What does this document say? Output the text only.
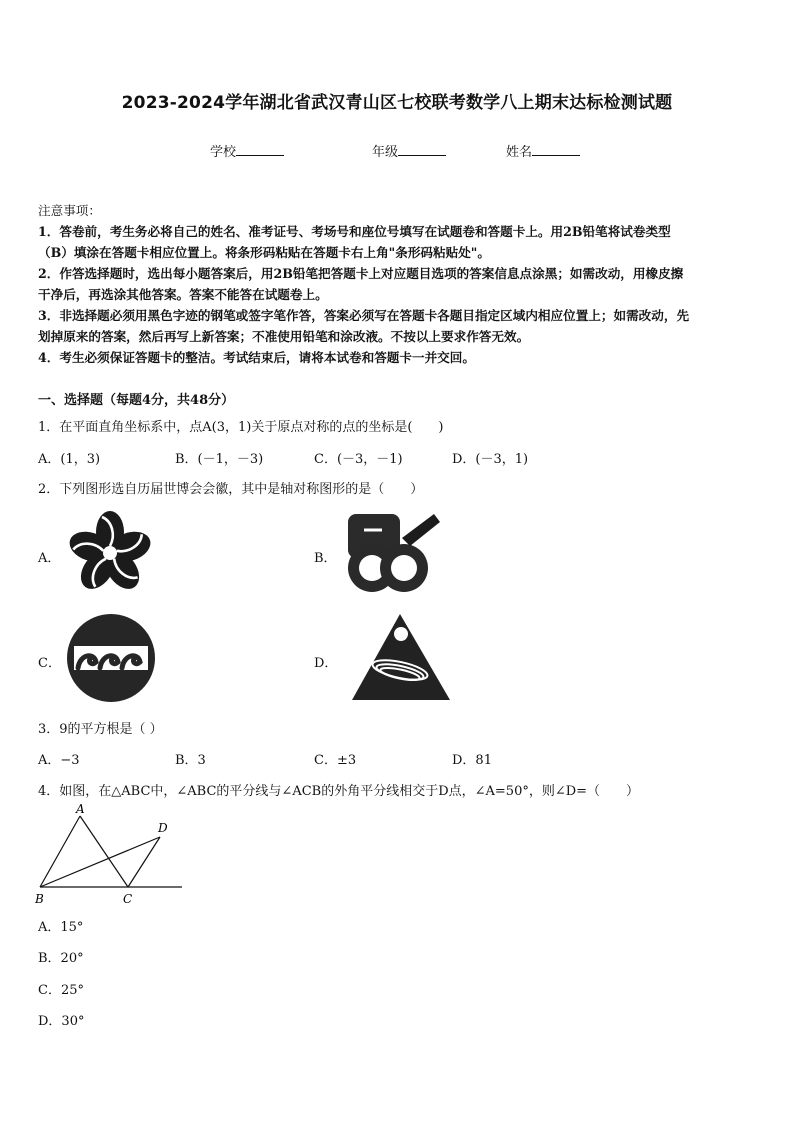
2023-2024学年湖北省武汉青山区七校联考数学八上期末达标检测试题
学校	年级	姓名
注意事项：
1．答卷前，考生务必将自己的姓名、准考证号、考场号和座位号填写在试题卷和答题卡上。用2B铅笔将试卷类型
（B）填涂在答题卡相应位置上。将条形码粘贴在答题卡右上角"条形码粘贴处"。
2．作答选择题时，选出每小题答案后，用2B铅笔把答题卡上对应题目选项的答案信息点涂黑；如需改动，用橡皮擦
干净后，再选涂其他答案。答案不能答在试题卷上。
3．非选择题必须用黑色字迹的钢笔或签字笔作答，答案必须写在答题卡各题目指定区域内相应位置上；如需改动，先
划掉原来的答案，然后再写上新答案；不准使用铅笔和涂改液。不按以上要求作答无效。
4．考生必须保证答题卡的整洁。考试结束后，请将本试卷和答题卡一并交回。
一、选择题（每题4分，共48分）
1．在平面直角坐标系中，点A(3，1)关于原点对称的点的坐标是(　　)
A．(1，3)	B．(－1，－3)	C．(－3，－1)	D．(－3，1)
2．下列图形选自历届世博会会徽，其中是轴对称图形的是（　　）
A．	B．
C．	D．
3．9的平方根是（ ）
A．−3	B．3	C．±3	D．81
4．如图，在△ABC中，∠ABC的平分线与∠ACB的外角平分线相交于D点，∠A=50°，则∠D=（　　）
A
D
B	C
A．15°
B．20°
C．25°
D．30°
